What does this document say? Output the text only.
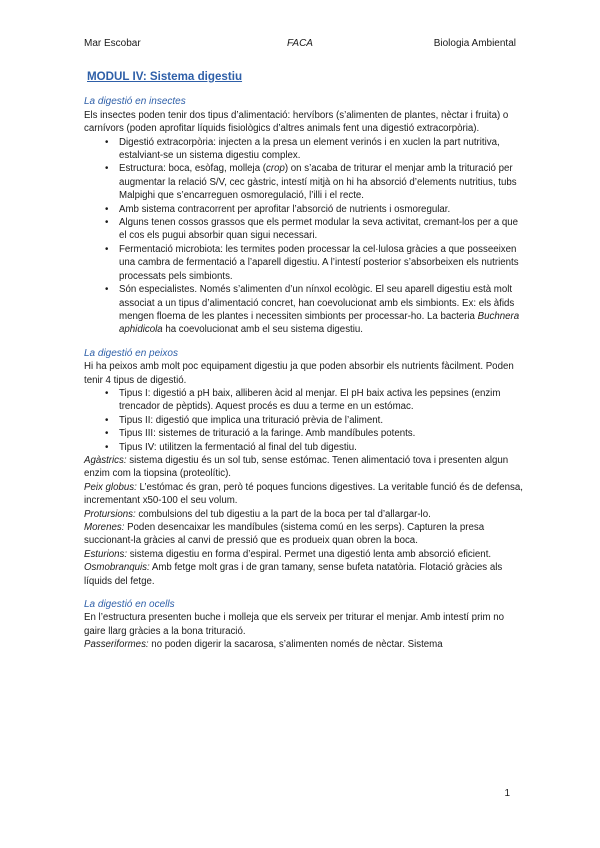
Mar Escobar	FACA	Biologia Ambiental
MODUL IV: Sistema digestiu
La digestió en insectes

Els insectes poden tenir dos tipus d’alimentació: hervíbors (s’alimenten de plantes, nèctar i fruita) o carnívors (poden aprofitar líquids fisiològics d’altres animals fent una digestió extracorpòria).

• Digestió extracorpòria: injecten a la presa un element verinós i en xuclen la part nutritiva, estalviant-se un sistema digestiu complex.
• Estructura: boca, esòfag, molleja (crop) on s’acaba de triturar el menjar amb la trituració per augmentar la relació S/V, cec gàstric, intestí mitjà on hi ha absorció d’elements nutritius, tubs Malpighi que s’encarreguen osmoregulació, l’illi i el recte.
• Amb sistema contracorrent per aprofitar l’absorció de nutrients i osmoregular.
• Alguns tenen cossos grassos que els permet modular la seva activitat, cremant-los per a que el cos els pugui absorbir quan sigui necessari.
• Fermentació microbiota: les termites poden processar la cel·lulosa gràcies a que posseeixen una cambra de fermentació a l’aparell digestiu. A l’intestí posterior s’absorbeixen els nutrients processats pels simbionts.
• Són especialistes. Només s’alimenten d’un nínxol ecològic. El seu aparell digestiu està molt associat a un tipus d’alimentació concret, han coevolucionat amb els simbionts. Ex: els àfids mengen floema de les plantes i necessiten simbionts per processar-ho. La bacteria Buchnera aphidicola ha coevolucionat amb el seu sistema digestiu.
La digestió en peixos

Hi ha peixos amb molt poc equipament digestiu ja que poden absorbir els nutrients fàcilment. Poden tenir 4 tipus de digestió.

• Tipus I: digestió a pH baix, alliberen àcid al menjar. El pH baix activa les pepsines (enzim trencador de pèptids). Aquest procés es duu a terme en un estómac.
• Tipus II: digestió que implica una trituració prèvia de l’aliment.
• Tipus III: sistemes de trituració a la faringe. Amb mandíbules potents.
• Tipus IV: utilitzen la fermentació al final del tub digestiu.

Agàstrics: sistema digestiu és un sol tub, sense estómac. Tenen alimentació tova i presenten algun enzim com la tiopsina (proteolític).

Peix globus: L’estómac és gran, però té poques funcions digestives. La veritable funció és de defensa, incrementant x50-100 el seu volum.

Protursions: combulsions del tub digestiu a la part de la boca per tal d’allargar-lo.

Morenes: Poden desencaixar les mandíbules (sistema comú en les serps). Capturen la presa succionant-la gràcies al canvi de pressió que es produeix quan obren la boca.

Esturions: sistema digestiu en forma d’espiral. Permet una digestió lenta amb absorció eficient.

Osmobranquis: Amb fetge molt gras i de gran tamany, sense bufeta natatòria. Flotació gràcies als líquids del fetge.

La digestió en ocells

En l’estructura presenten buche i molleja que els serveix per triturar el menjar. Amb intestí prim no gaire llarg gràcies a la bona trituració.

Passeriformes: no poden digerir la sacarosa, s’alimenten només de nèctar. Sistema

1
